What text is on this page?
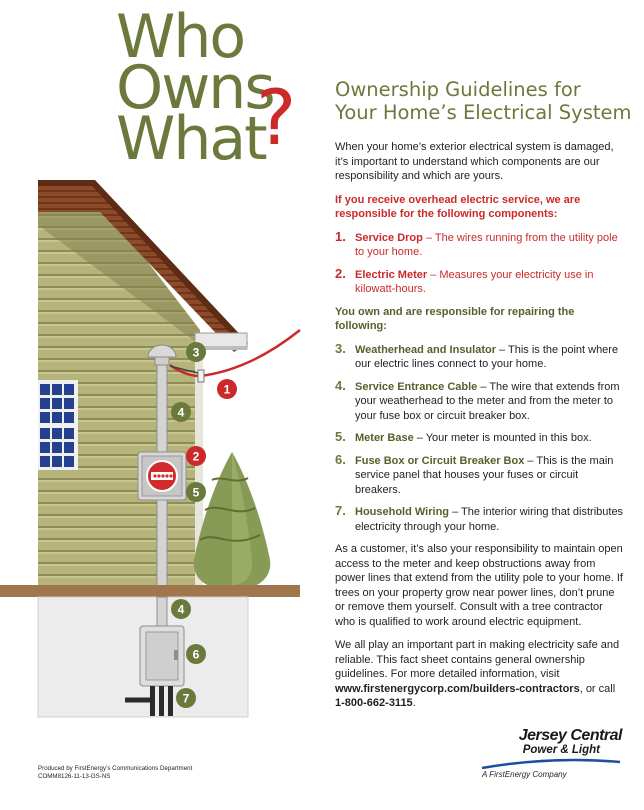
Who
Owns
What
? Ownership Guidelines for
Your Home’s Electrical System

When your home’s exterior electrical system is damaged, it’s important to understand which components are our responsibility and which are yours.

If you receive overhead electric service, we are responsible for the following components:

1. Service Drop – The wires running from the utility pole to your home.
2. Electric Meter – Measures your electricity use in kilowatt-hours.

You own and are responsible for repairing the following:

3. Weatherhead and Insulator – This is the point where our electric lines connect to your home.
4. Service Entrance Cable – The wire that extends from your weatherhead to the meter and from the meter to your fuse box or circuit breaker box.
5. Meter Base – Your meter is mounted in this box.
6. Fuse Box or Circuit Breaker Box – This is the main service panel that houses your fuses or circuit breakers.
7. Household Wiring – The interior wiring that distributes electricity through your home.

As a customer, it’s also your responsibility to maintain open access to the meter and keep obstructions away from power lines that extend from the utility pole to your home. If trees on your property grow near power lines, don’t prune or remove them yourself. Consult with a tree contractor who is qualified to work around electric equipment.

We all play an important part in making electricity safe and reliable. This fact sheet contains general ownership guidelines. For more detailed information, visit www.firstenergycorp.com/builders-contractors, or call 1-800-662-3115.

3
1
4
2
5
4
6
7
Produced by FirstEnergy’s Communications Department
COMM8126-11-13-GS-NS
Jersey Central
Power & Light
A FirstEnergy Company
